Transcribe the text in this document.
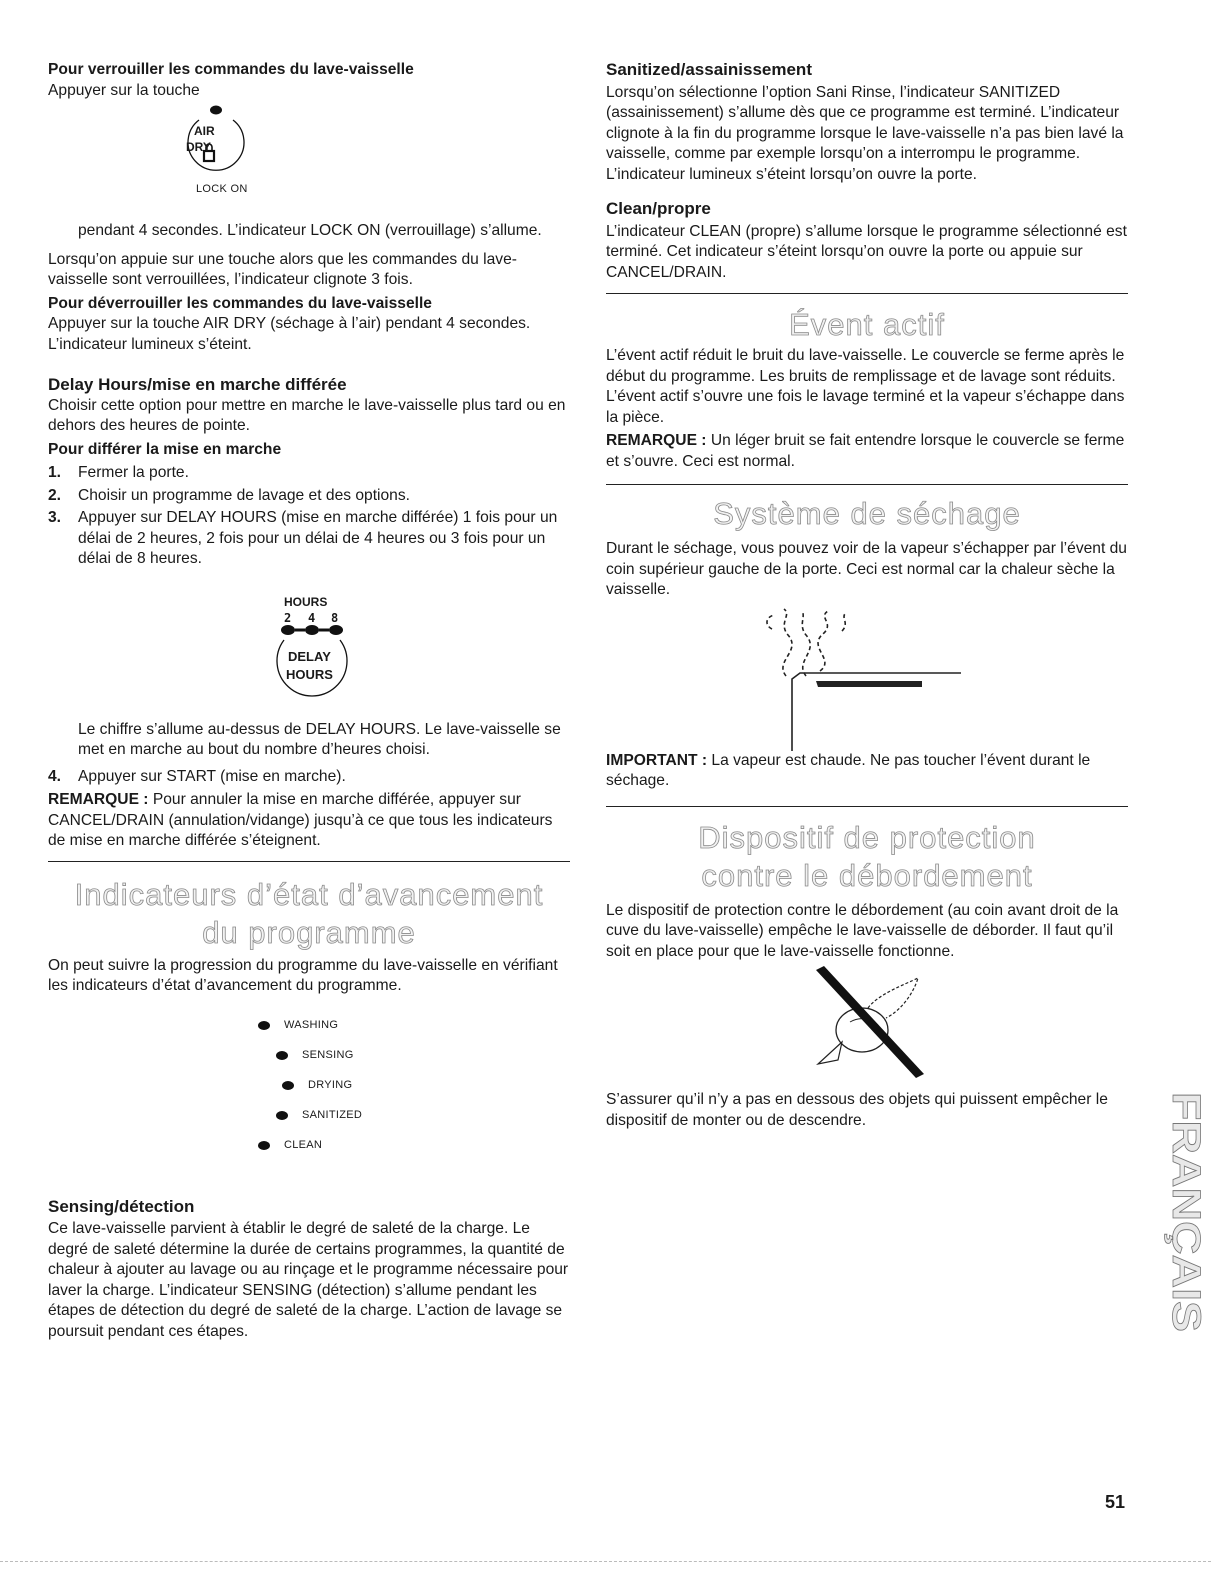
Pour verrouiller les commandes du lave-vaisselle

Appuyer sur la touche

AIR
DRY
LOCK ON

pendant 4 secondes. L’indicateur LOCK ON (verrouillage) s’allume.

Lorsqu’on appuie sur une touche alors que les commandes du lave-vaisselle sont verrouillées, l’indicateur clignote 3 fois.

Pour déverrouiller les commandes du lave-vaisselle

Appuyer sur la touche AIR DRY (séchage à l’air) pendant 4 secondes. L’indicateur lumineux s’éteint.

Delay Hours/mise en marche différée

Choisir cette option pour mettre en marche le lave-vaisselle plus tard ou en dehors des heures de pointe.

Pour différer la mise en marche

1.	Fermer la porte.
2.	Choisir un programme de lavage et des options.
3.	Appuyer sur DELAY HOURS (mise en marche différée) 1 fois pour un délai de 2 heures, 2 fois pour un délai de 4 heures ou 3 fois pour un délai de 8 heures.
HOURS
2 4 8
DELAY
HOURS

Le chiffre s’allume au-dessus de DELAY HOURS. Le lave-vaisselle se met en marche au bout du nombre d’heures choisi.

4.	Appuyer sur START (mise en marche).

REMARQUE : Pour annuler la mise en marche différée, appuyer sur CANCEL/DRAIN (annulation/vidange) jusqu’à ce que tous les indicateurs de mise en marche différée s’éteignent.

Indicateurs d’état d’avancement
du programme

On peut suivre la progression du programme du lave-vaisselle en vérifiant les indicateurs d’état d’avancement du programme.

WASHING
SENSING
DRYING
SANITIZED
CLEAN

Sensing/détection

Ce lave-vaisselle parvient à établir le degré de saleté de la charge. Le degré de saleté détermine la durée de certains programmes, la quantité de chaleur à ajouter au lavage ou au rinçage et le programme nécessaire pour laver la charge. L’indicateur SENSING (détection) s’allume pendant les étapes de détection du degré de saleté de la charge. L’action de lavage se poursuit pendant ces étapes.

Sanitized/assainissement

Lorsqu’on sélectionne l’option Sani Rinse, l’indicateur SANITIZED (assainissement) s’allume dès que ce programme est terminé. L’indicateur clignote à la fin du programme lorsque le lave-vaisselle n’a pas bien lavé la vaisselle, comme par exemple lorsqu’on a interrompu le programme. L’indicateur lumineux s’éteint lorsqu’on ouvre la porte.

Clean/propre

L’indicateur CLEAN (propre) s’allume lorsque le programme sélectionné est terminé. Cet indicateur s’éteint lorsqu’on ouvre la porte ou appuie sur CANCEL/DRAIN.

Évent actif

L’évent actif réduit le bruit du lave-vaisselle. Le couvercle se ferme après le début du programme. Les bruits de remplissage et de lavage sont réduits. L’évent actif s’ouvre une fois le lavage terminé et la vapeur s’échappe dans la pièce.

REMARQUE : Un léger bruit se fait entendre lorsque le couvercle se ferme et s’ouvre. Ceci est normal.

Système de séchage

Durant le séchage, vous pouvez voir de la vapeur s’échapper par l’évent du coin supérieur gauche de la porte. Ceci est normal car la chaleur sèche la vaisselle.

IMPORTANT : La vapeur est chaude. Ne pas toucher l’évent durant le séchage.

Dispositif de protection
contre le débordement

Le dispositif de protection contre le débordement (au coin avant droit de la cuve du lave-vaisselle) empêche le lave-vaisselle de déborder. Il faut qu’il soit en place pour que le lave-vaisselle fonctionne.

S’assurer qu’il n’y a pas en dessous des objets qui puissent empêcher le dispositif de monter ou de descendre.	FRANÇAIS
51
